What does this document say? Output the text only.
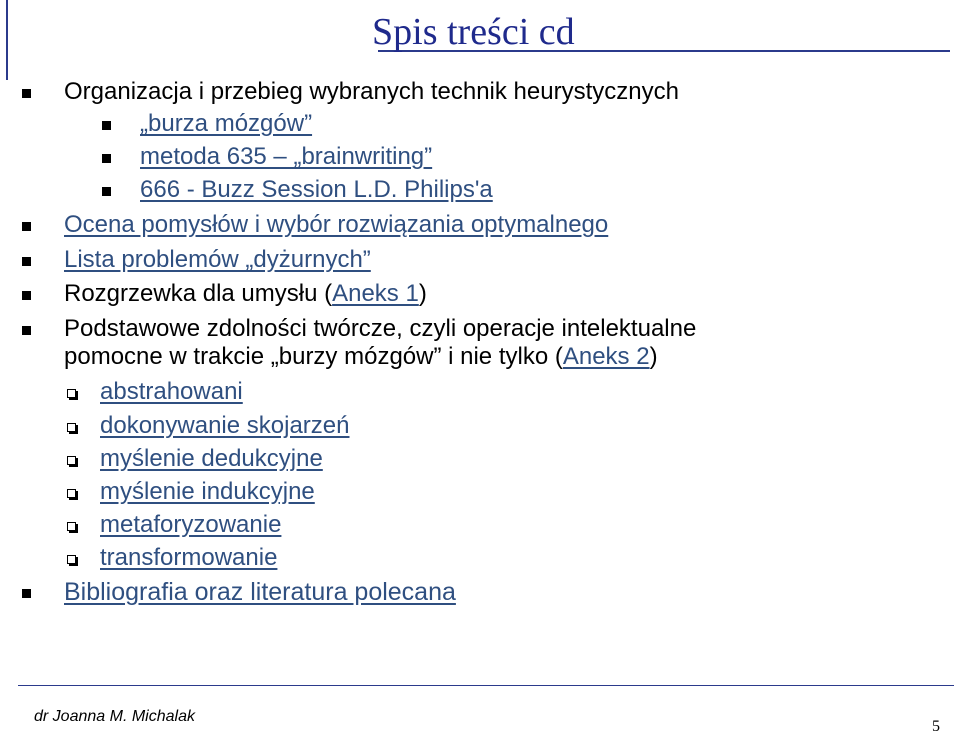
Spis treści cd
Organizacja i przebieg wybranych technik heurystycznych
„burza mózgów”
metoda 635 – „brainwriting”
666 - Buzz Session L.D. Philips'a
Ocena pomysłów i wybór rozwiązania optymalnego
Lista problemów „dyżurnych”
Rozgrzewka dla umysłu (Aneks 1)
Podstawowe zdolności twórcze, czyli operacje intelektualne
pomocne w trakcie „burzy mózgów” i nie tylko (Aneks 2)
abstrahowani
dokonywanie skojarzeń
myślenie dedukcyjne
myślenie indukcyjne
metaforyzowanie
transformowanie
Bibliografia oraz literatura polecana
dr Joanna M. Michalak
5
